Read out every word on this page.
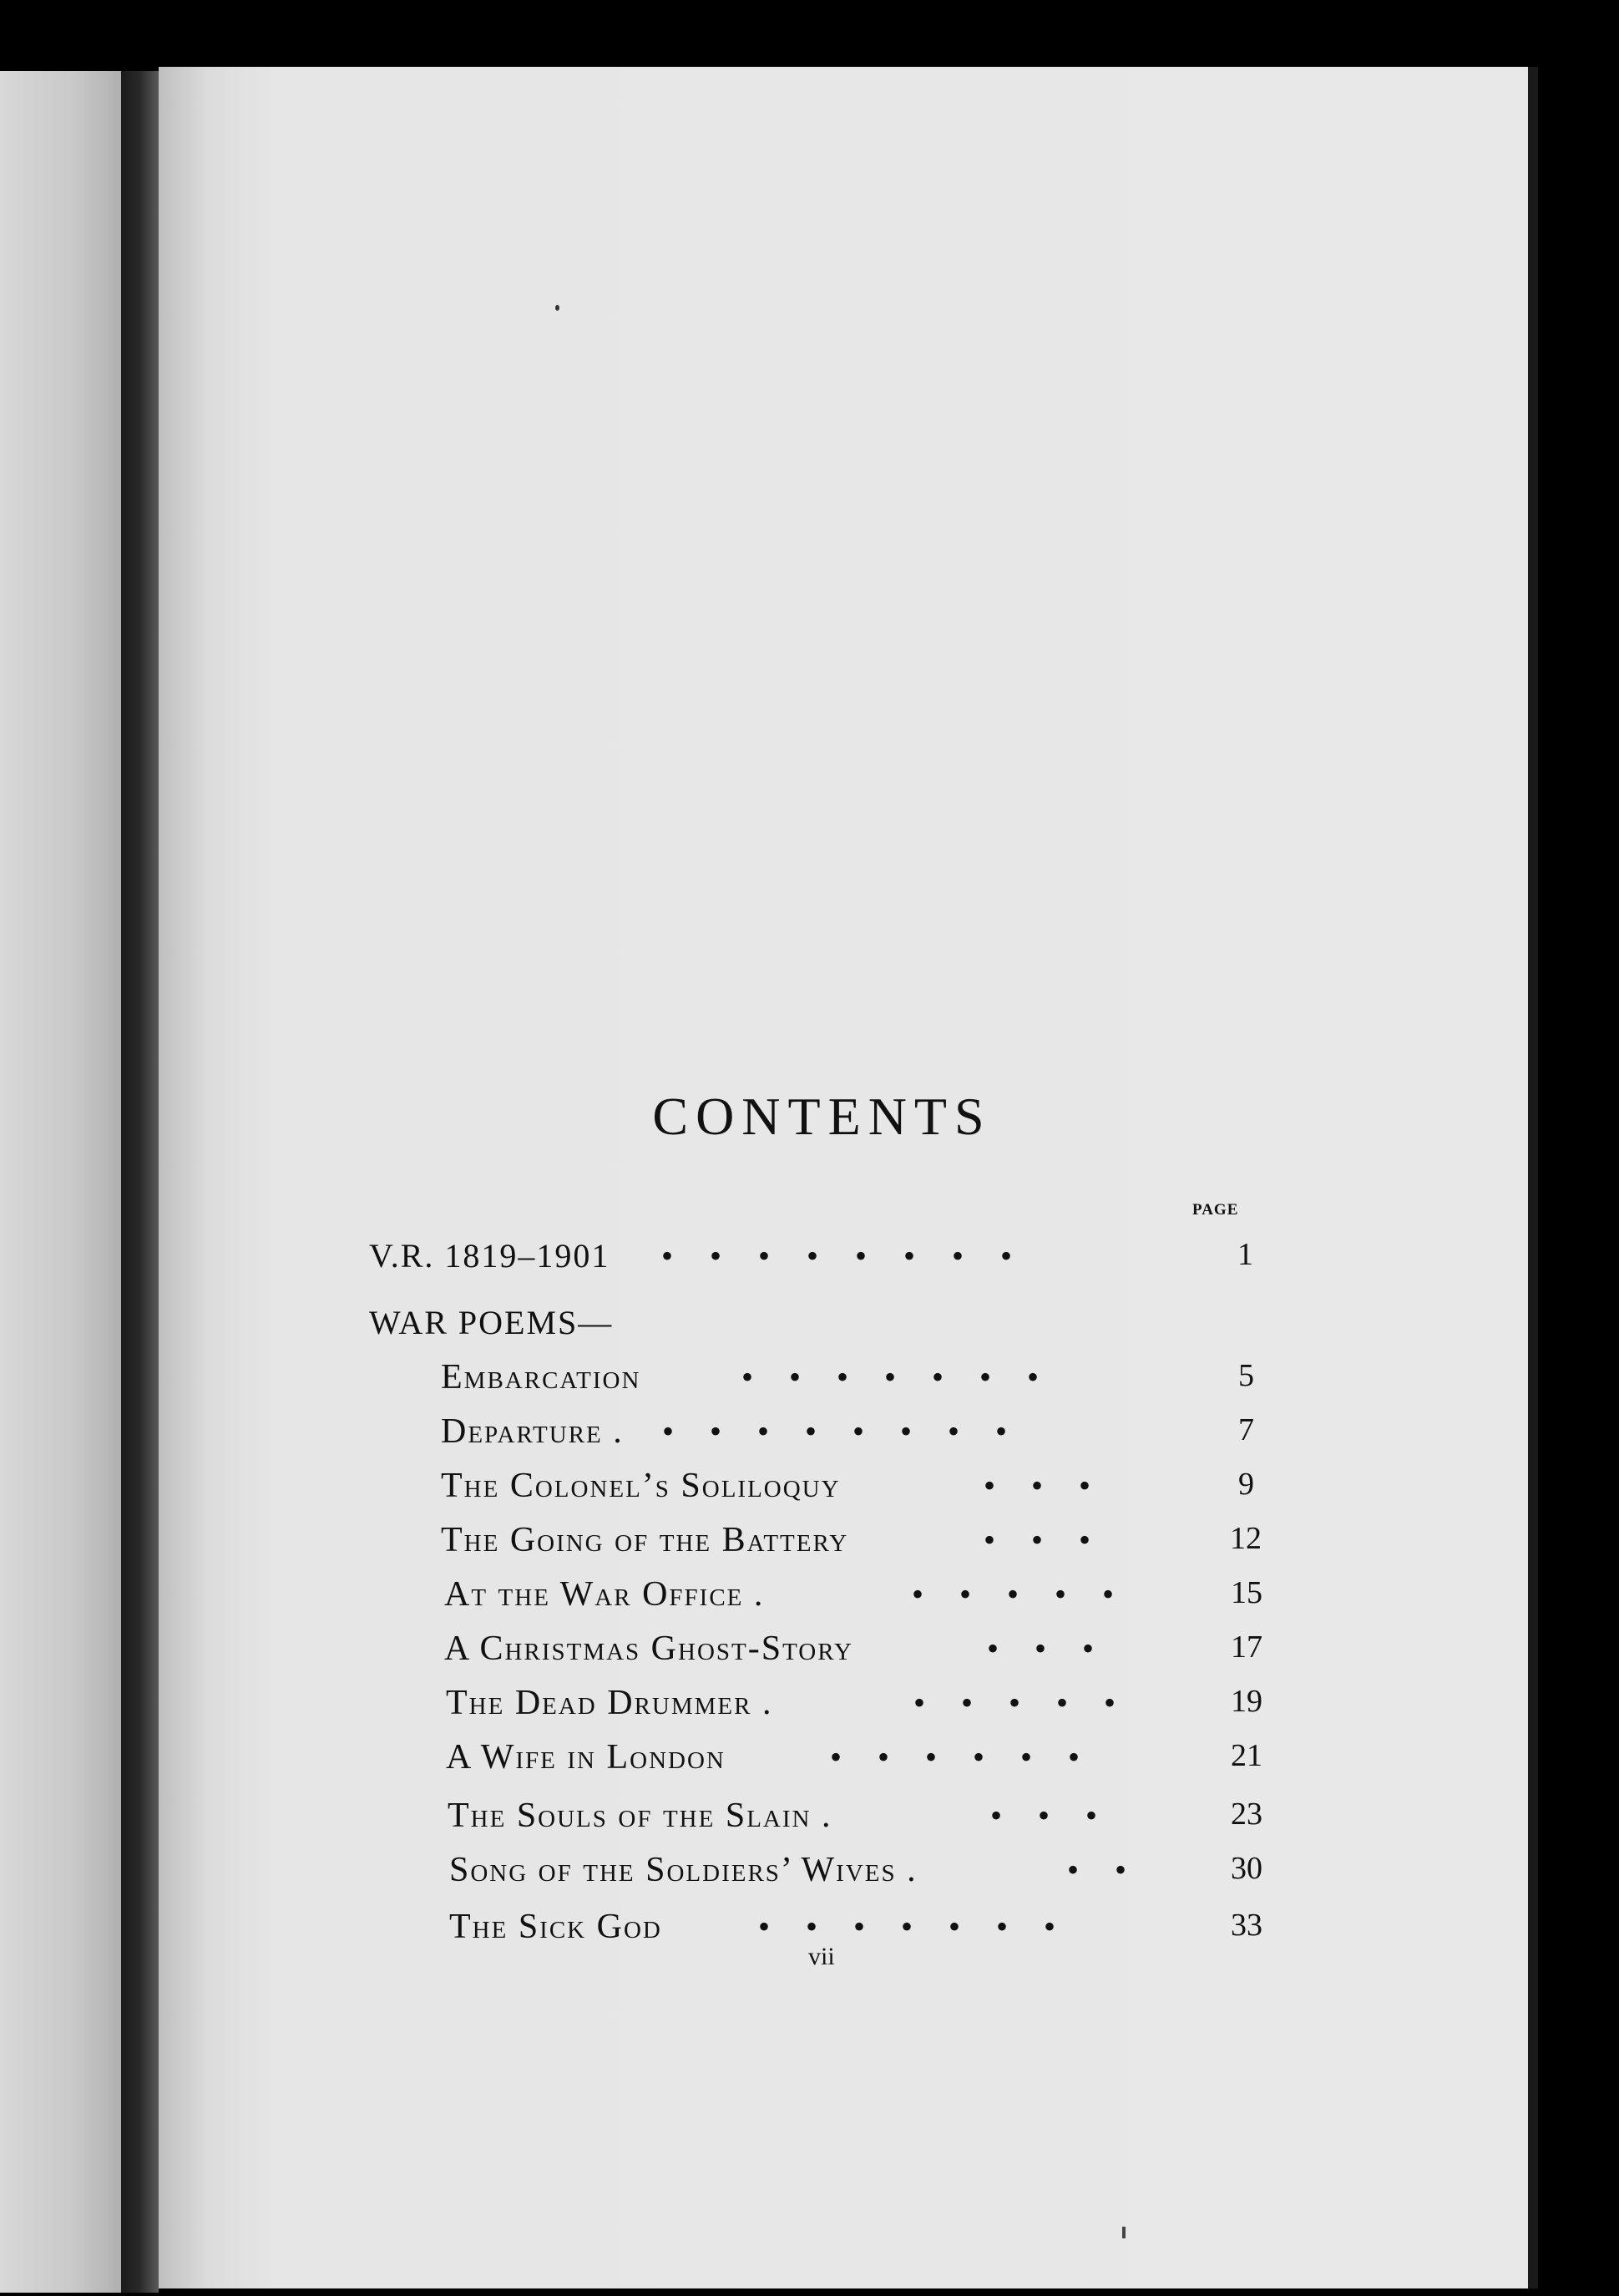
CONTENTS
PAGE
V.R. 1819–1901 • • • • • • • •	1
WAR POEMS—
Embarcation	• • • • • • •	5
Departure . • • • • • • • •	7
The Colonel’s Soliloquy	• • •	9
The Going of the Battery	• • •	12
At the War Office .	• • • • •	15
A Christmas Ghost-Story	• • •	17
The Dead Drummer .	• • • • •	19
A Wife in London	• • • • • •	21
The Souls of the Slain .	• • •	23
Song of the Soldiers’ Wives .	• •	30
The Sick God	• • • • • • •	33
vii
